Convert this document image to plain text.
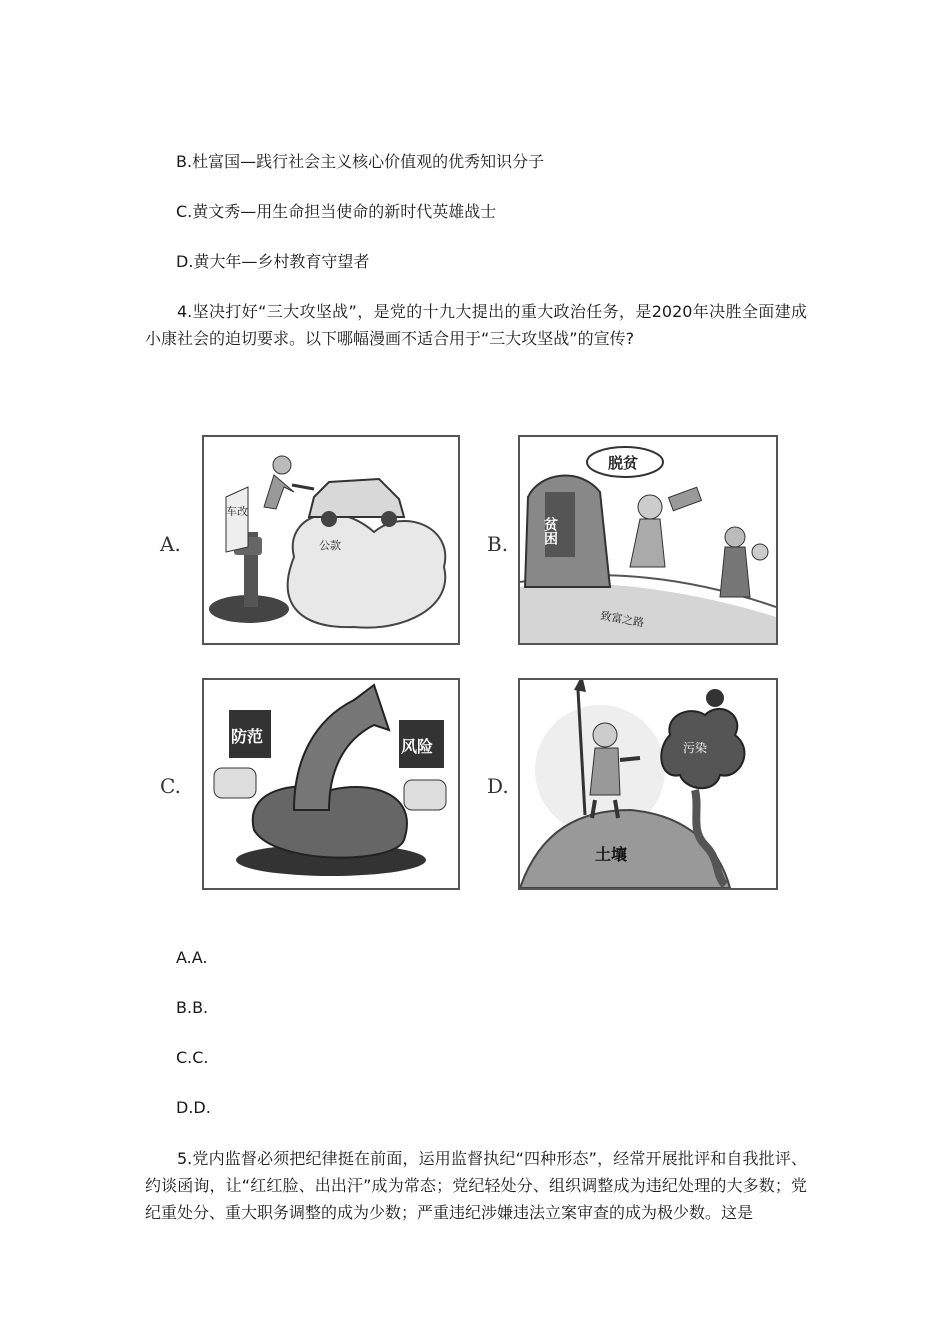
B.杜富国—践行社会主义核心价值观的优秀知识分子
C.黄文秀—用生命担当使命的新时代英雄战士
D.黄大年—乡村教育守望者
4.坚决打好“三大攻坚战”，是党的十九大提出的重大政治任务，是2020年决胜全面建成小康社会的迫切要求。以下哪幅漫画不适合用于“三大攻坚战”的宣传?
A.	B.
C.	D.
车改
公款
贫困
脱贫
致富之路
防范
风险
土壤
污染
A.A.
B.B.
C.C.
D.D.
5.党内监督必须把纪律挺在前面，运用监督执纪“四种形态”，经常开展批评和自我批评、约谈函询，让“红红脸、出出汗”成为常态；党纪轻处分、组织调整成为违纪处理的大多数；党纪重处分、重大职务调整的成为少数；严重违纪涉嫌违法立案审查的成为极少数。这是
